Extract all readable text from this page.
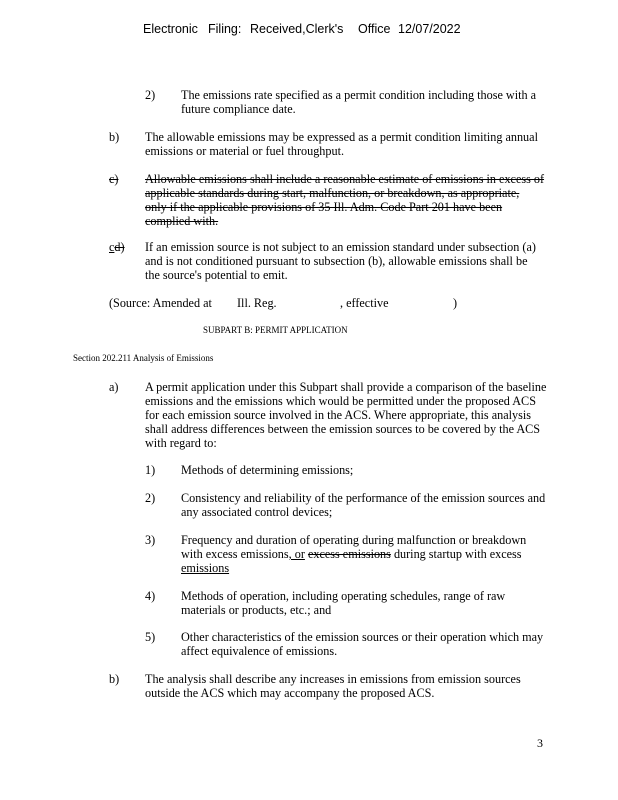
Electronic Filing: Received,Clerk's Office 12/07/2022
2) The emissions rate specified as a permit condition including those with a
future compliance date.
b) The allowable emissions may be expressed as a permit condition limiting annual
emissions or material or fuel throughput.
c) Allowable emissions shall include a reasonable estimate of emissions in excess of
applicable standards during start, malfunction, or breakdown, as appropriate,
only if the applicable provisions of 35 Ill. Adm. Code Part 201 have been
complied with.
cd) If an emission source is not subject to an emission standard under subsection (a)
and is not conditioned pursuant to subsection (b), allowable emissions shall be
the source's potential to emit.
(Source: Amended at Ill. Reg.	, effective	)
SUBPART B: PERMIT APPLICATION
Section 202.211 Analysis of Emissions
a) A permit application under this Subpart shall provide a comparison of the baseline
emissions and the emissions which would be permitted under the proposed ACS
for each emission source involved in the ACS. Where appropriate, this analysis
shall address differences between the emission sources to be covered by the ACS
with regard to:
1) Methods of determining emissions;
2) Consistency and reliability of the performance of the emission sources and
any associated control devices;
3) Frequency and duration of operating during malfunction or breakdown
with excess emissions, or excess emissions during startup with excess
emissions
4) Methods of operation, including operating schedules, range of raw
materials or products, etc.; and
5) Other characteristics of the emission sources or their operation which may
affect equivalence of emissions.
b) The analysis shall describe any increases in emissions from emission sources
outside the ACS which may accompany the proposed ACS.
3
